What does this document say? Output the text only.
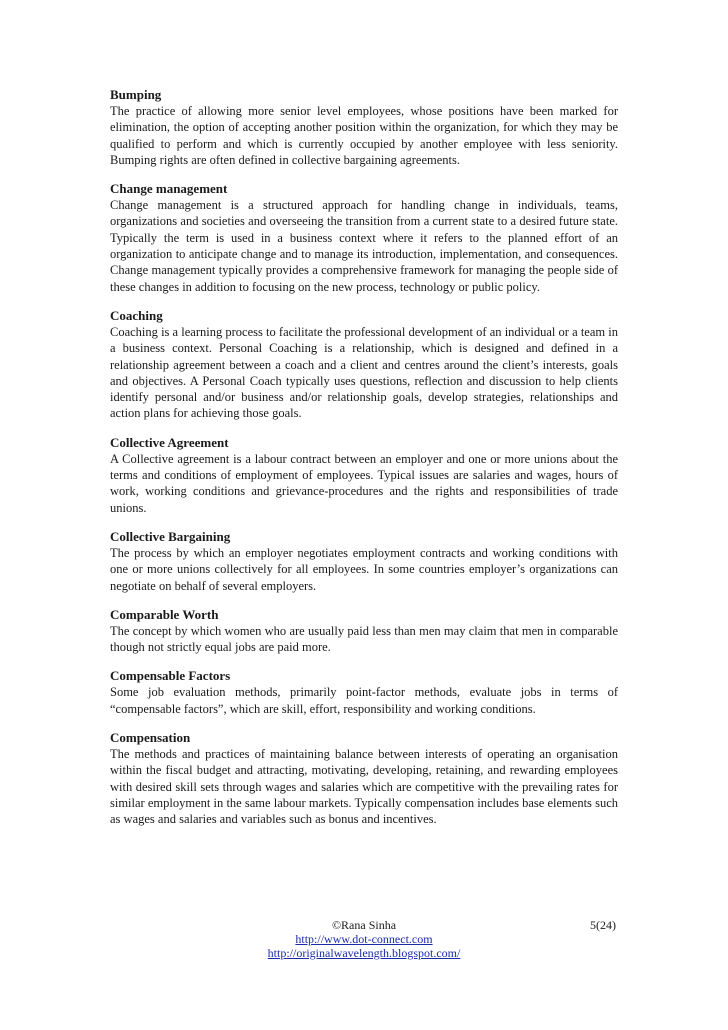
Bumping

The practice of allowing more senior level employees, whose positions have been marked for elimination, the option of accepting another position within the organization, for which they may be qualified to perform and which is currently occupied by another employee with less seniority. Bumping rights are often defined in collective bargaining agreements.

Change management

Change management is a structured approach for handling change in individuals, teams, organizations and societies and overseeing the transition from a current state to a desired future state. Typically the term is used in a business context where it refers to the planned effort of an organization to anticipate change and to manage its introduction, implementation, and consequences. Change management typically provides a comprehensive framework for managing the people side of these changes in addition to focusing on the new process, technology or public policy.

Coaching

Coaching is a learning process to facilitate the professional development of an individual or a team in a business context. Personal Coaching is a relationship, which is designed and defined in a relationship agreement between a coach and a client and centres around the client’s interests, goals and objectives. A Personal Coach typically uses questions, reflection and discussion to help clients identify personal and/or business and/or relationship goals, develop strategies, relationships and action plans for achieving those goals.

Collective Agreement

A Collective agreement is a labour contract between an employer and one or more unions about the terms and conditions of employment of employees. Typical issues are salaries and wages, hours of work, working conditions and grievance-procedures and the rights and responsibilities of trade unions.

Collective Bargaining

The process by which an employer negotiates employment contracts and working conditions with one or more unions collectively for all employees. In some countries employer’s organizations can negotiate on behalf of several employers.

Comparable Worth

The concept by which women who are usually paid less than men may claim that men in comparable though not strictly equal jobs are paid more.

Compensable Factors

Some job evaluation methods, primarily point-factor methods, evaluate jobs in terms of “compensable factors”, which are skill, effort, responsibility and working conditions.

Compensation

The methods and practices of maintaining balance between interests of operating an organisation within the fiscal budget and attracting, motivating, developing, retaining, and rewarding employees with desired skill sets through wages and salaries which are competitive with the prevailing rates for similar employment in the same labour markets. Typically compensation includes base elements such as wages and salaries and variables such as bonus and incentives.

©Rana Sinha	5(24)
http://www.dot-connect.com
http://originalwavelength.blogspot.com/
